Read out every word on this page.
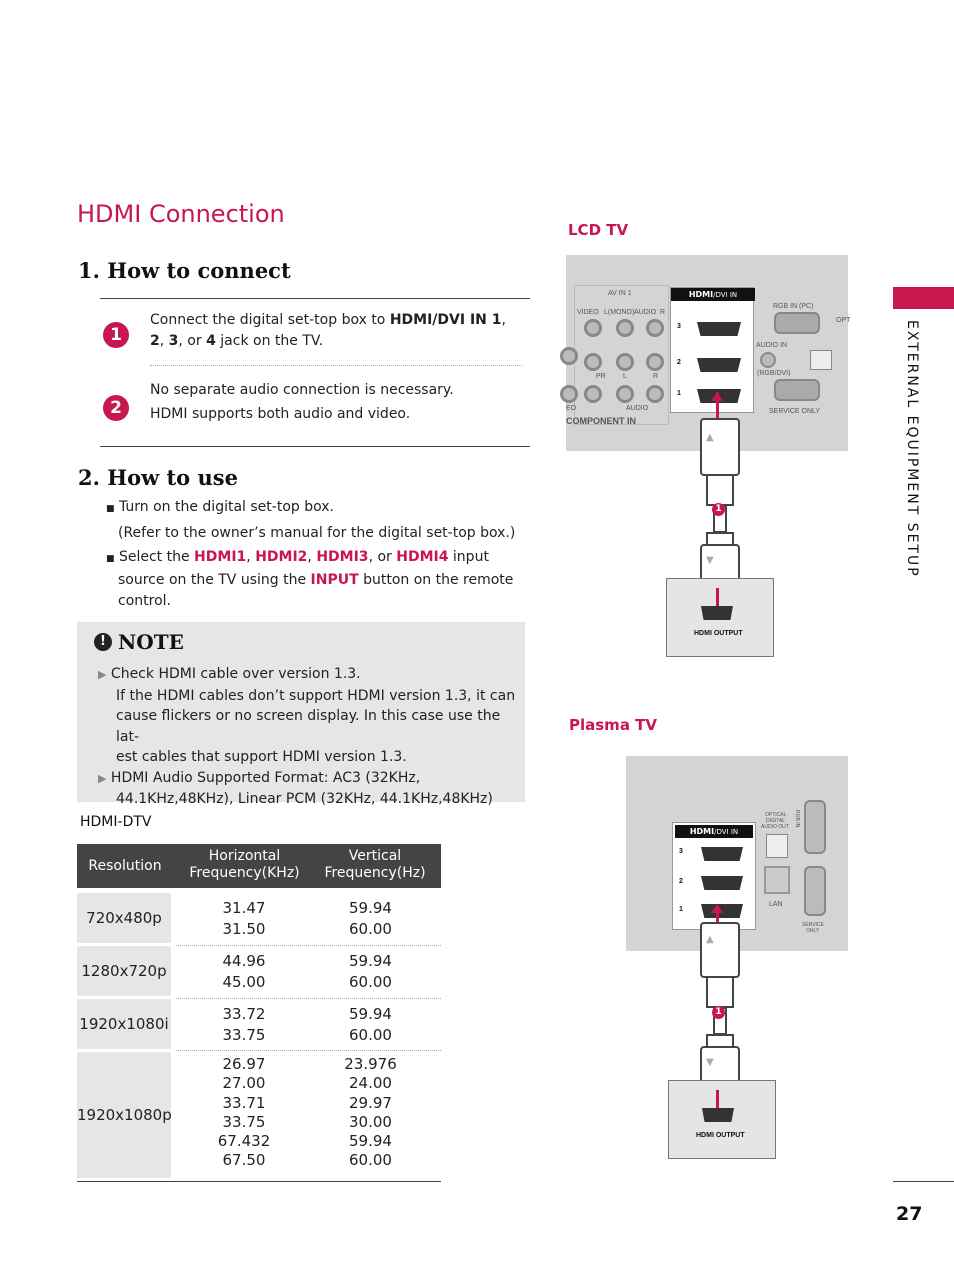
HDMI Connection
EXTERNAL EQUIPMENT SETUP
1. How to connect
1
Connect the digital set-top box to HDMI/DVI IN 1,
2, 3, or 4 jack on the TV.
2
No separate audio connection is necessary.
HDMI supports both audio and video.
2. How to use
■ Turn on the digital set-top box.
(Refer to the owner’s manual for the digital set-top box.)
■ Select the HDMI1, HDMI2, HDMI3, or HDMI4 input
source on the TV using the INPUT button on the remote
control.
! NOTE
▶ Check HDMI cable over version 1.3.
If the HDMI cables don’t support HDMI version 1.3, it can
cause flickers or no screen display. In this case use the lat-
est cables that support HDMI version 1.3.
▶ HDMI Audio Supported Format: AC3 (32KHz,
44.1KHz,48KHz), Linear PCM (32KHz, 44.1KHz,48KHz)
HDMI-DTV
Resolution
Horizontal
Frequency(KHz)
Vertical
Frequency(Hz)
720x480p
31.47
31.50
59.94
60.00
1280x720p
44.96
45.00
59.94
60.00
1920x1080i
33.72
33.75
59.94
60.00
1920x1080p
26.97
27.00
33.71
33.75
67.432
67.50
23.976
24.00
29.97
30.00
59.94
60.00
LCD TV
AV IN 1
VIDEO L(MONO) AUDIO R
PR L	R
EO	AUDIO
COMPONENT IN
HDMI/DVI IN
3
2
1
RGB IN (PC)
AUDIO IN
(RGB/DVI)
OPT
SERVICE ONLY
▲
1
▼
HDMI OUTPUT
Plasma TV
HDMI/DVI IN
3
2
1
OPTICAL
DIGITAL
AUDIO OUT RGB IN
LAN
SERVICE
ONLY
▲
1
▼
HDMI OUTPUT
27
